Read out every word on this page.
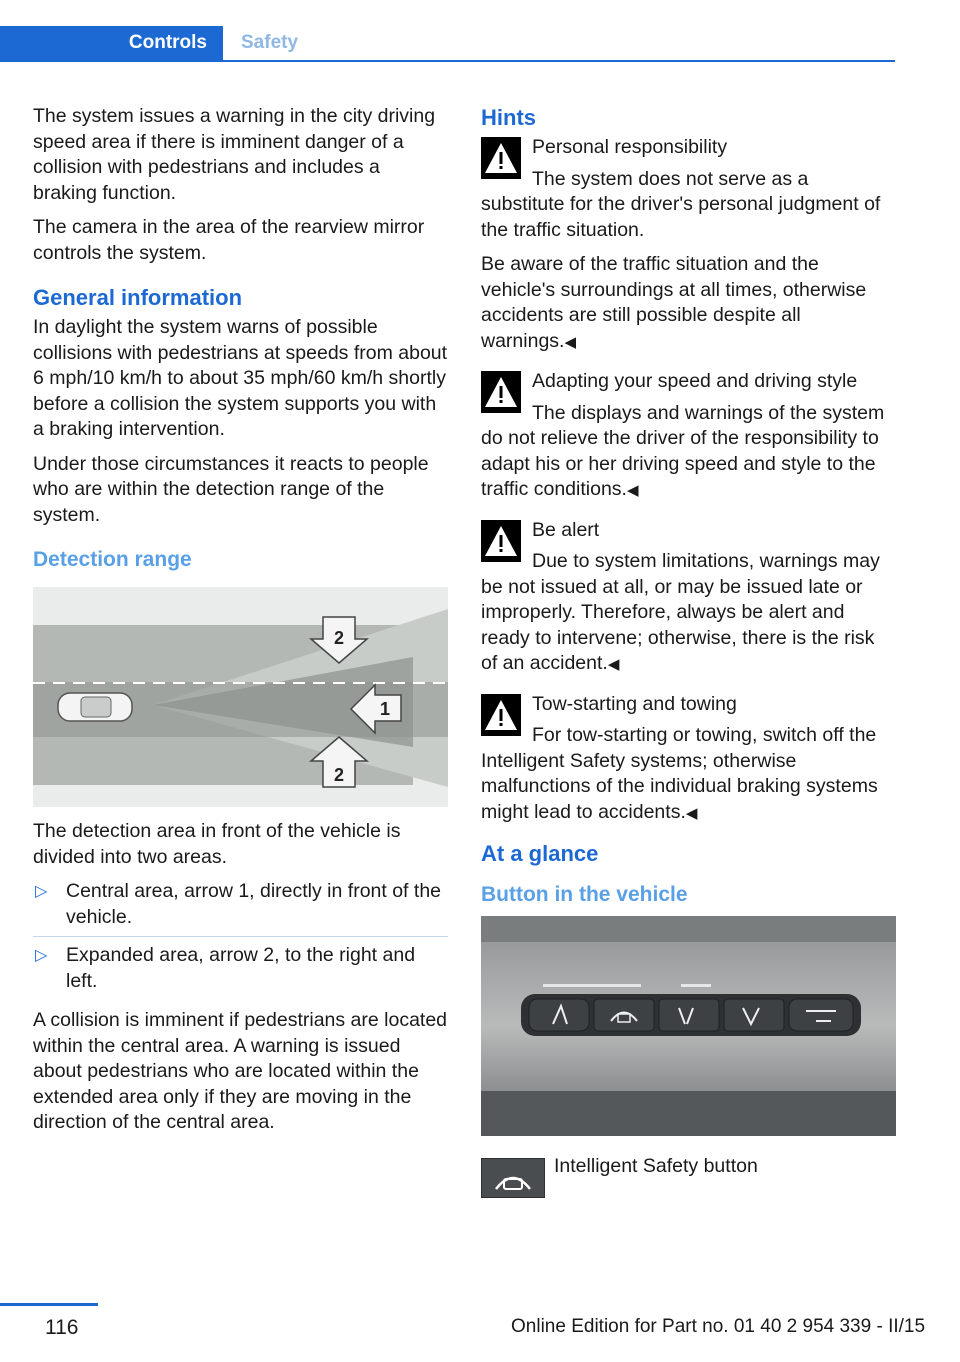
Controls	Safety

The system issues a warning in the city driving speed area if there is imminent danger of a collision with pedestrians and includes a braking function.

The camera in the area of the rearview mirror controls the system.

General information

In daylight the system warns of possible collisions with pedestrians at speeds from about 6 mph/10 km/h to about 35 mph/60 km/h shortly before a collision the system supports you with a braking intervention.

Under those circumstances it reacts to people who are within the detection range of the system.

Detection range
2
1
2

The detection area in front of the vehicle is divided into two areas.

▷ Central area, arrow 1, directly in front of the vehicle.
▷ Expanded area, arrow 2, to the right and left.

A collision is imminent if pedestrians are located within the central area. A warning is issued about pedestrians who are located within the extended area only if they are moving in the direction of the central area.

Hints
Personal responsibility

The system does not serve as a substitute for the driver's personal judgment of the traffic situation.

Be aware of the traffic situation and the vehicle's surroundings at all times, otherwise accidents are still possible despite all warnings.◀

Adapting your speed and driving style

The displays and warnings of the system do not relieve the driver of the responsibility to adapt his or her driving speed and style to the traffic conditions.◀

Be alert

Due to system limitations, warnings may be not issued at all, or may be issued late or improperly. Therefore, always be alert and ready to intervene; otherwise, there is the risk of an accident.◀

Tow-starting and towing

For tow-starting or towing, switch off the Intelligent Safety systems; otherwise malfunctions of the individual braking systems might lead to accidents.◀

At a glance
Button in the vehicle
Intelligent Safety button
116	Online Edition for Part no. 01 40 2 954 339 - II/15
